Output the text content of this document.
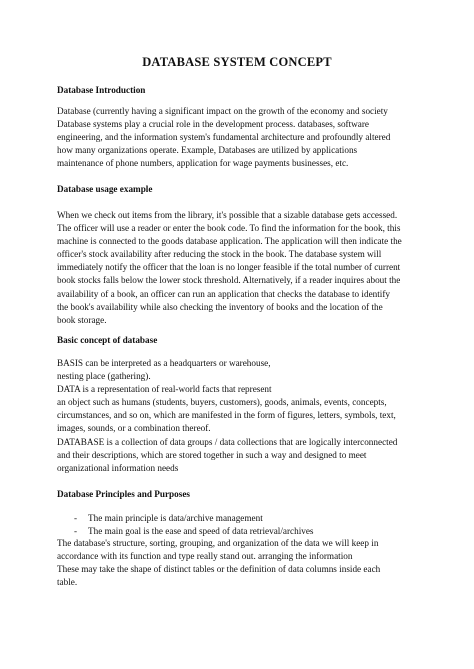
DATABASE SYSTEM CONCEPT
Database Introduction
Database (currently having a significant impact on the growth of the economy and society
Database systems play a crucial role in the development process. databases, software
engineering, and the information system's fundamental architecture and profoundly altered
how many organizations operate. Example, Databases are utilized by applications
maintenance of phone numbers, application for wage payments businesses, etc.
Database usage example
When we check out items from the library, it's possible that a sizable database gets accessed.
The officer will use a reader or enter the book code. To find the information for the book, this
machine is connected to the goods database application. The application will then indicate the
officer's stock availability after reducing the stock in the book. The database system will
immediately notify the officer that the loan is no longer feasible if the total number of current
book stocks falls below the lower stock threshold. Alternatively, if a reader inquires about the
availability of a book, an officer can run an application that checks the database to identify
the book's availability while also checking the inventory of books and the location of the
book storage.
Basic concept of database
BASIS can be interpreted as a headquarters or warehouse,
nesting place (gathering).
DATA is a representation of real-world facts that represent
an object such as humans (students, buyers, customers), goods, animals, events, concepts,
circumstances, and so on, which are manifested in the form of figures, letters, symbols, text,
images, sounds, or a combination thereof.
DATABASE is a collection of data groups / data collections that are logically interconnected
and their descriptions, which are stored together in such a way and designed to meet
organizational information needs
Database Principles and Purposes
- The main principle is data/archive management
- The main goal is the ease and speed of data retrieval/archives
The database's structure, sorting, grouping, and organization of the data we will keep in
accordance with its function and type really stand out. arranging the information
These may take the shape of distinct tables or the definition of data columns inside each
table.
